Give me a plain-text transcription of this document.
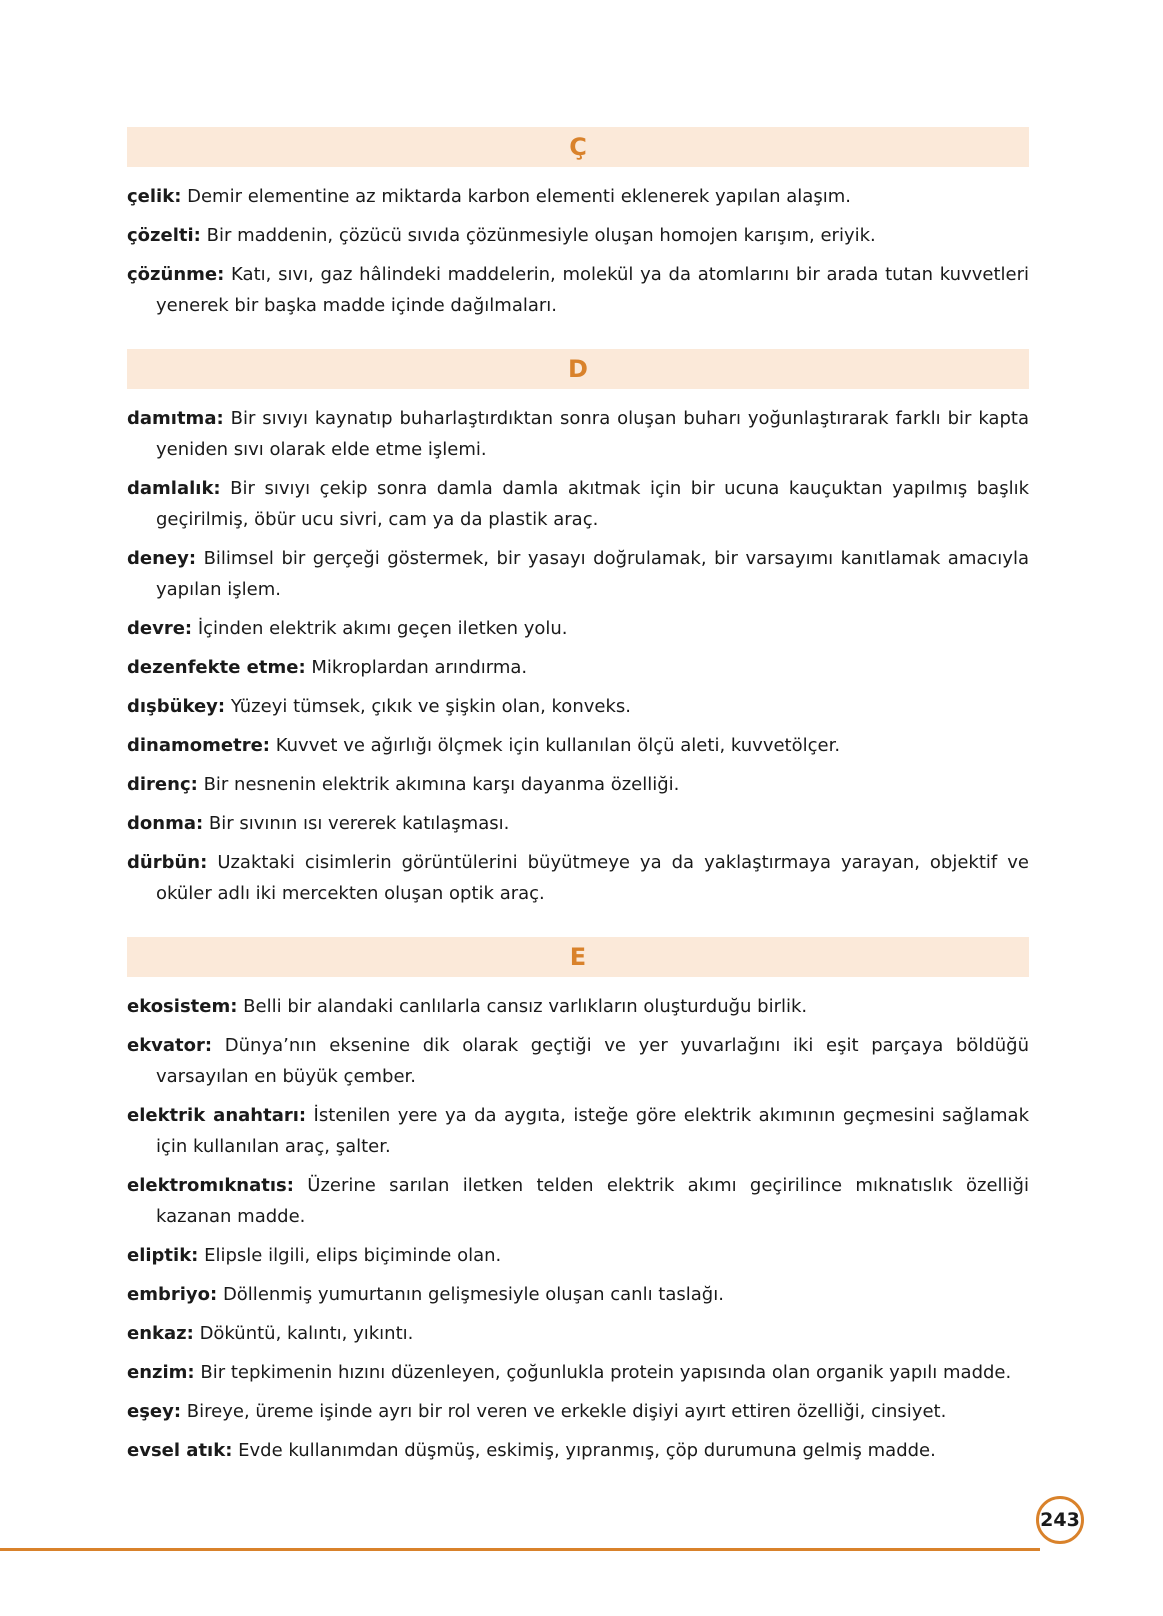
Ç

çelik: Demir elementine az miktarda karbon elementi eklenerek yapılan alaşım.

çözelti: Bir maddenin, çözücü sıvıda çözünmesiyle oluşan homojen karışım, eriyik.

çözünme: Katı, sıvı, gaz hâlindeki maddelerin, molekül ya da atomlarını bir arada tutan kuvvetleri yenerek bir başka madde içinde dağılmaları.

D

damıtma: Bir sıvıyı kaynatıp buharlaştırdıktan sonra oluşan buharı yoğunlaştırarak farklı bir kapta yeniden sıvı olarak elde etme işlemi.

damlalık: Bir sıvıyı çekip sonra damla damla akıtmak için bir ucuna kauçuktan yapılmış başlık geçirilmiş, öbür ucu sivri, cam ya da plastik araç.

deney: Bilimsel bir gerçeği göstermek, bir yasayı doğrulamak, bir varsayımı kanıtlamak amacıyla yapılan işlem.

devre: İçinden elektrik akımı geçen iletken yolu.

dezenfekte etme: Mikroplardan arındırma.

dışbükey: Yüzeyi tümsek, çıkık ve şişkin olan, konveks.

dinamometre: Kuvvet ve ağırlığı ölçmek için kullanılan ölçü aleti, kuvvetölçer.

direnç: Bir nesnenin elektrik akımına karşı dayanma özelliği.

donma: Bir sıvının ısı vererek katılaşması.

dürbün: Uzaktaki cisimlerin görüntülerini büyütmeye ya da yaklaştırmaya yarayan, objektif ve oküler adlı iki mercekten oluşan optik araç.

E

ekosistem: Belli bir alandaki canlılarla cansız varlıkların oluşturduğu birlik.

ekvator: Dünya’nın eksenine dik olarak geçtiği ve yer yuvarlağını iki eşit parçaya böldüğü varsayılan en büyük çember.

elektrik anahtarı: İstenilen yere ya da aygıta, isteğe göre elektrik akımının geçmesini sağlamak için kullanılan araç, şalter.

elektromıknatıs: Üzerine sarılan iletken telden elektrik akımı geçirilince mıknatıslık özelliği kazanan madde.

eliptik: Elipsle ilgili, elips biçiminde olan.

embriyo: Döllenmiş yumurtanın gelişmesiyle oluşan canlı taslağı.

enkaz: Döküntü, kalıntı, yıkıntı.

enzim: Bir tepkimenin hızını düzenleyen, çoğunlukla protein yapısında olan organik yapılı madde.

eşey: Bireye, üreme işinde ayrı bir rol veren ve erkekle dişiyi ayırt ettiren özelliği, cinsiyet.

evsel atık: Evde kullanımdan düşmüş, eskimiş, yıpranmış, çöp durumuna gelmiş madde.

243
